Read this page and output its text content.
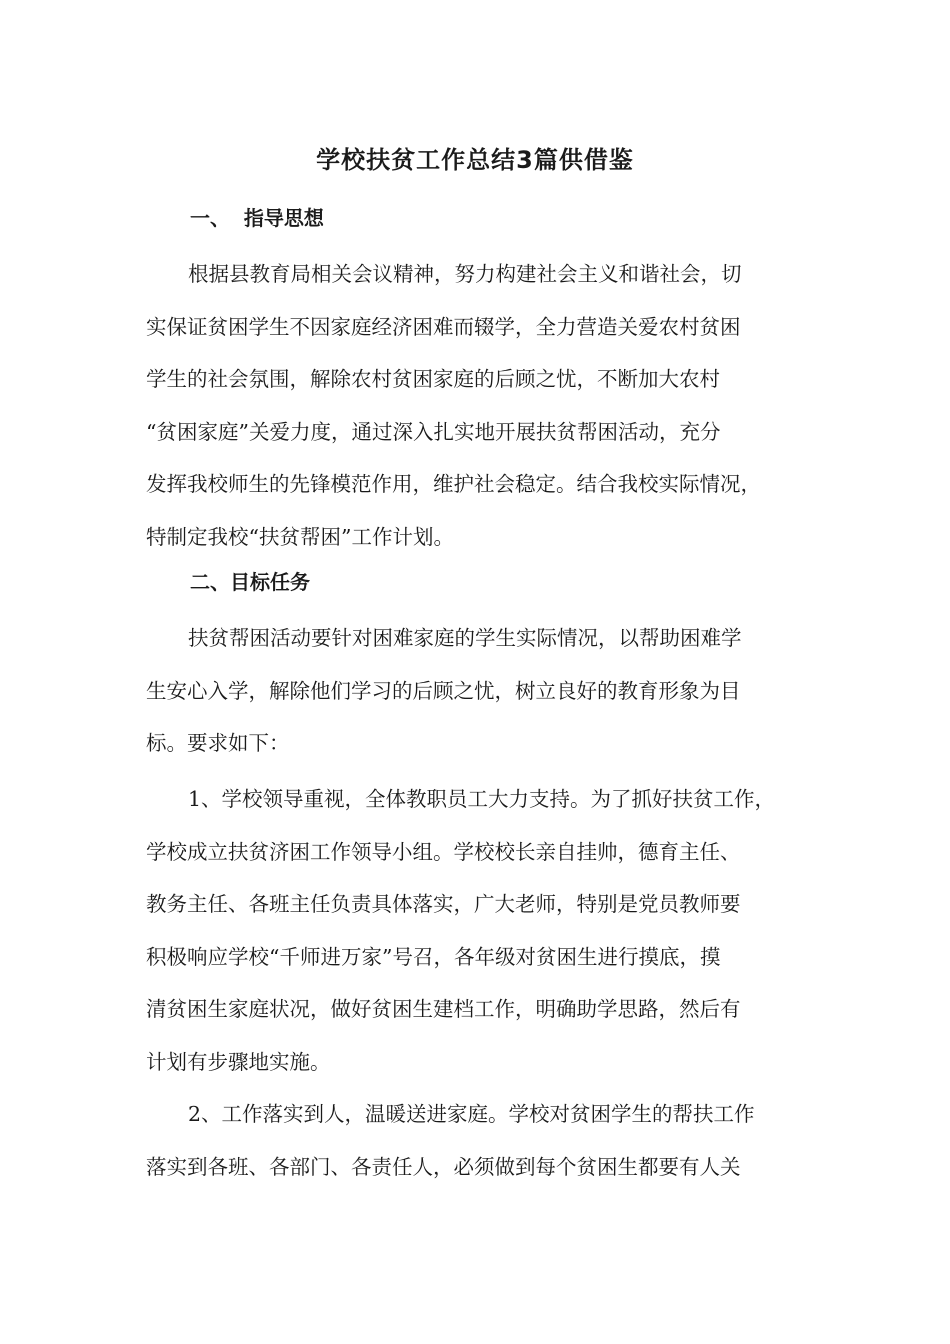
学校扶贫工作总结3篇供借鉴
一、  指导思想

根据县教育局相关会议精神，努力构建社会主义和谐社会，切
实保证贫困学生不因家庭经济困难而辍学，全力营造关爱农村贫困
学生的社会氛围，解除农村贫困家庭的后顾之忧，不断加大农村
“贫困家庭”关爱力度，通过深入扎实地开展扶贫帮困活动，充分
发挥我校师生的先锋模范作用，维护社会稳定。结合我校实际情况，
特制定我校“扶贫帮困”工作计划。

二、目标任务

扶贫帮困活动要针对困难家庭的学生实际情况，以帮助困难学
生安心入学，解除他们学习的后顾之忧，树立良好的教育形象为目
标。要求如下：

1、学校领导重视，全体教职员工大力支持。为了抓好扶贫工作，
学校成立扶贫济困工作领导小组。学校校长亲自挂帅，德育主任、
教务主任、各班主任负责具体落实，广大老师，特别是党员教师要
积极响应学校“千师进万家”号召，各年级对贫困生进行摸底，摸
清贫困生家庭状况，做好贫困生建档工作，明确助学思路，然后有
计划有步骤地实施。

2、工作落实到人，温暖送进家庭。学校对贫困学生的帮扶工作
落实到各班、各部门、各责任人，必须做到每个贫困生都要有人关
